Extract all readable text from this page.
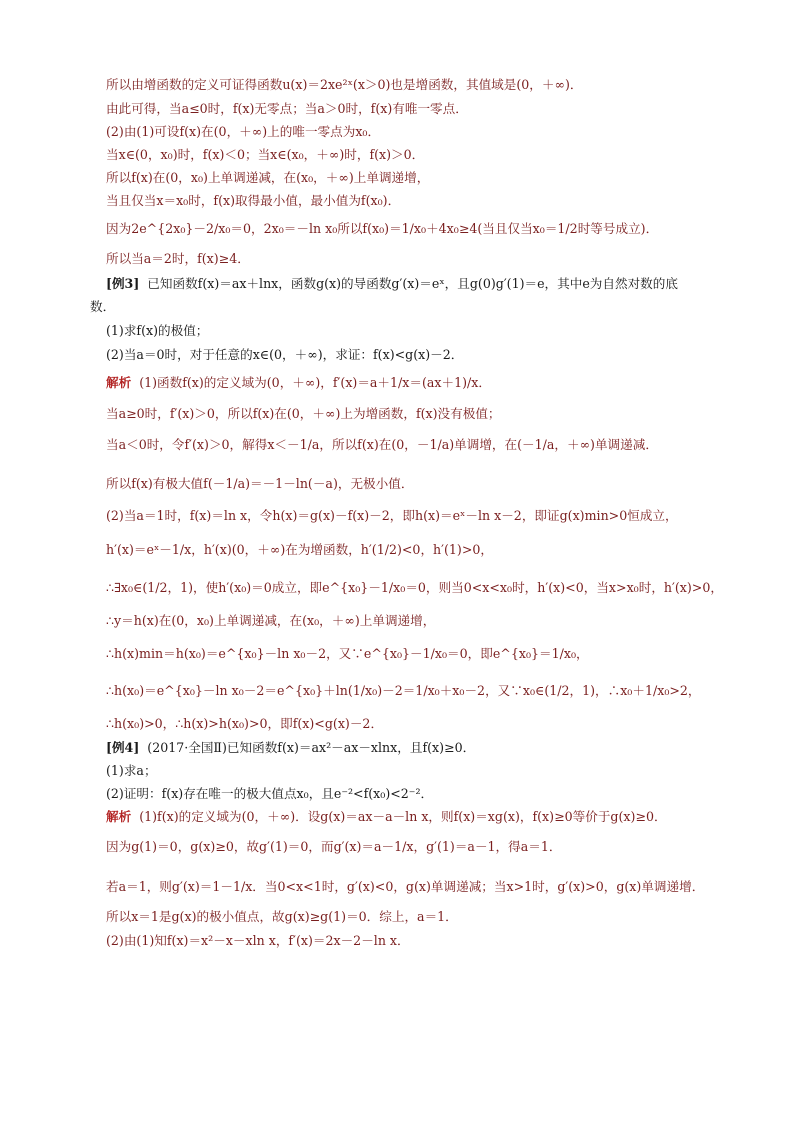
所以由增函数的定义可证得函数u(x)＝2xe²ˣ(x＞0)也是增函数，其值域是(0，＋∞)．
由此可得，当a≤0时，f(x)无零点；当a＞0时，f(x)有唯一零点．
(2)由(1)可设f(x)在(0，＋∞)上的唯一零点为x₀．
当x∈(0，x₀)时，f(x)＜0；当x∈(x₀，＋∞)时，f(x)＞0．
所以f(x)在(0，x₀)上单调递减，在(x₀，＋∞)上单调递增，
当且仅当x＝x₀时，f(x)取得最小值，最小值为f(x₀)．
因为2e^{2x₀}－2/x₀＝0，2x₀＝－ln x₀所以f(x₀)＝1/x₀＋4x₀≥4(当且仅当x₀＝1/2时等号成立)．
所以当a＝2时，f(x)≥4．
[例3] 已知函数f(x)＝ax＋lnx，函数g(x)的导函数g′(x)＝eˣ，且g(0)g′(1)＝e，其中e为自然对数的底
数．
(1)求f(x)的极值；
(2)当a＝0时，对于任意的x∈(0，＋∞)，求证：f(x)<g(x)－2．
解析 (1)函数f(x)的定义域为(0，＋∞)，f′(x)＝a＋1/x＝(ax＋1)/x．
当a≥0时，f′(x)＞0，所以f(x)在(0，＋∞)上为增函数，f(x)没有极值；
当a＜0时，令f′(x)＞0，解得x＜－1/a，所以f(x)在(0，－1/a)单调增，在(－1/a，＋∞)单调递减．
所以f(x)有极大值f(－1/a)＝－1－ln(－a)，无极小值．
(2)当a＝1时，f(x)＝ln x，令h(x)＝g(x)－f(x)－2，即h(x)＝eˣ－ln x－2，即证g(x)min>0恒成立，
h′(x)＝eˣ－1/x，h′(x)(0，＋∞)在为增函数，h′(1/2)<0，h′(1)>0，
∴∃x₀∈(1/2，1)，使h′(x₀)＝0成立，即e^{x₀}－1/x₀＝0，则当0<x<x₀时，h′(x)<0，当x>x₀时，h′(x)>0，
∴y＝h(x)在(0，x₀)上单调递减，在(x₀，＋∞)上单调递增，
∴h(x)min＝h(x₀)＝e^{x₀}－ln x₀－2，又∵e^{x₀}－1/x₀＝0，即e^{x₀}＝1/x₀，
∴h(x₀)＝e^{x₀}－ln x₀－2＝e^{x₀}＋ln(1/x₀)－2＝1/x₀＋x₀－2，又∵x₀∈(1/2，1)，∴x₀＋1/x₀>2，
∴h(x₀)>0，∴h(x)>h(x₀)>0，即f(x)<g(x)－2．
[例4] (2017·全国Ⅱ)已知函数f(x)＝ax²－ax－xlnx，且f(x)≥0．
(1)求a；
(2)证明：f(x)存在唯一的极大值点x₀，且e⁻²<f(x₀)<2⁻²．
解析 (1)f(x)的定义域为(0，＋∞)．设g(x)＝ax－a－ln x，则f(x)＝xg(x)，f(x)≥0等价于g(x)≥0．
因为g(1)＝0，g(x)≥0，故g′(1)＝0，而g′(x)＝a－1/x，g′(1)＝a－1，得a＝1．
若a＝1，则g′(x)＝1－1/x．当0<x<1时，g′(x)<0，g(x)单调递减；当x>1时，g′(x)>0，g(x)单调递增．
所以x＝1是g(x)的极小值点，故g(x)≥g(1)＝0．综上，a＝1．
(2)由(1)知f(x)＝x²－x－xln x，f′(x)＝2x－2－ln x．
